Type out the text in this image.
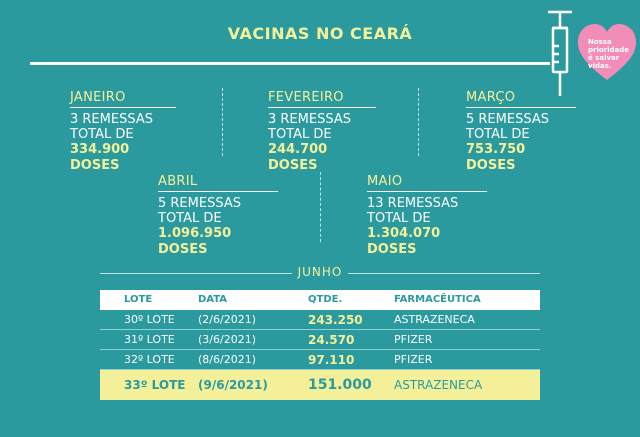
VACINAS NO CEARÁ	Nossa prioridade é salvar vidas.
JANEIRO
3 REMESSAS
TOTAL DE
334.900 DOSES
FEVEREIRO
3 REMESSAS
TOTAL DE
244.700 DOSES
MARÇO
5 REMESSAS
TOTAL DE
753.750 DOSES
ABRIL
5 REMESSAS
TOTAL DE
1.096.950 DOSES
MAIO
13 REMESSAS
TOTAL DE
1.304.070 DOSES
JUNHO
LOTE	DATA	QTDE.	FARMACÊUTICA
30º LOTE (2/6/2021)	243.250	ASTRAZENECA
31º LOTE (3/6/2021)	24.570	PFIZER
32º LOTE (8/6/2021)	97.110	PFIZER
33º LOTE (9/6/2021)	151.000 ASTRAZENECA
